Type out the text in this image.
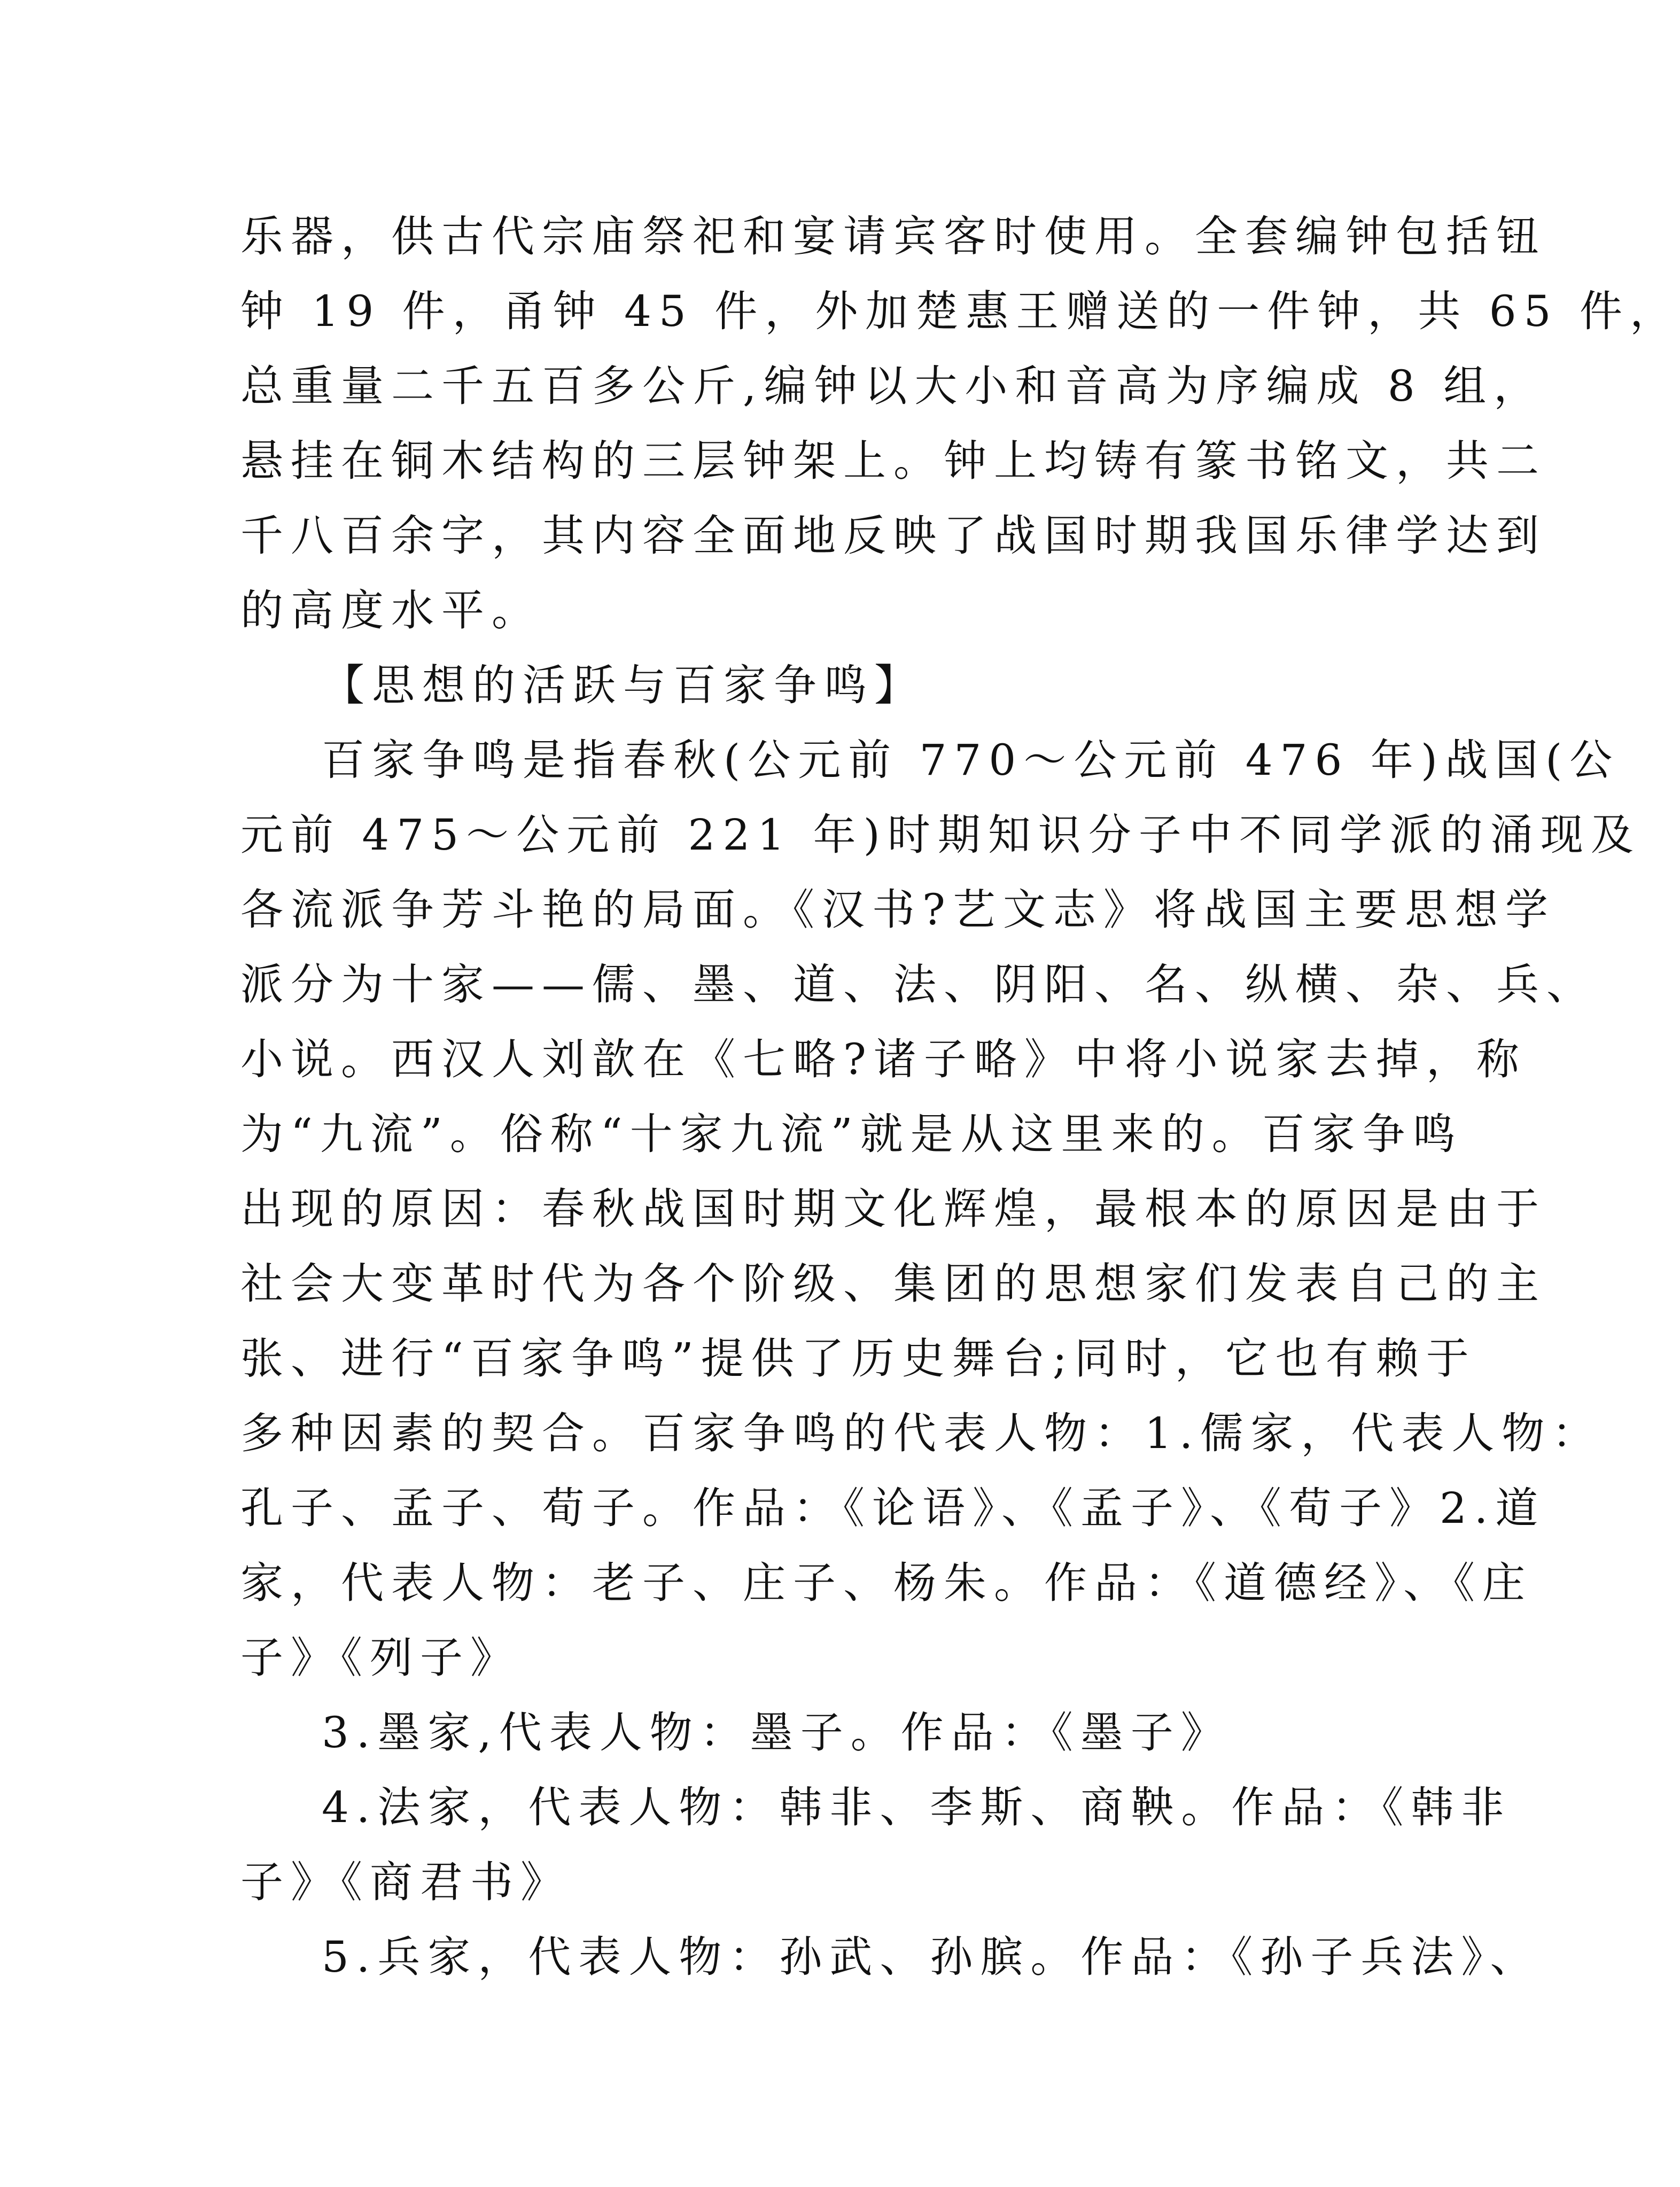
乐器，供古代宗庙祭祀和宴请宾客时使用。全套编钟包括钮
钟 19 件，甬钟 45 件，外加楚惠王赠送的一件钟，共 65 件，
总重量二千五百多公斤,编钟以大小和音高为序编成 8 组，
悬挂在铜木结构的三层钟架上。钟上均铸有篆书铭文，共二
千八百余字，其内容全面地反映了战国时期我国乐律学达到
的高度水平。
【思想的活跃与百家争鸣】
百家争鸣是指春秋(公元前 770～公元前 476 年)战国(公
元前 475～公元前 221 年)时期知识分子中不同学派的涌现及
各流派争芳斗艳的局面。《汉书?艺文志》将战国主要思想学
派分为十家——儒、墨、道、法、阴阳、名、纵横、杂、兵、
小说。西汉人刘歆在《七略?诸子略》中将小说家去掉，称
为“九流”。俗称“十家九流”就是从这里来的。百家争鸣
出现的原因：春秋战国时期文化辉煌，最根本的原因是由于
社会大变革时代为各个阶级、集团的思想家们发表自己的主
张、进行“百家争鸣”提供了历史舞台;同时，它也有赖于
多种因素的契合。百家争鸣的代表人物：1.儒家，代表人物：
孔子、孟子、荀子。作品：《论语》、《孟子》、《荀子》2.道
家，代表人物：老子、庄子、杨朱。作品：《道德经》、《庄
子》《列子》
3.墨家,代表人物：墨子。作品：《墨子》
4.法家，代表人物：韩非、李斯、商鞅。作品：《韩非
子》《商君书》
5.兵家，代表人物：孙武、孙膑。作品：《孙子兵法》、
